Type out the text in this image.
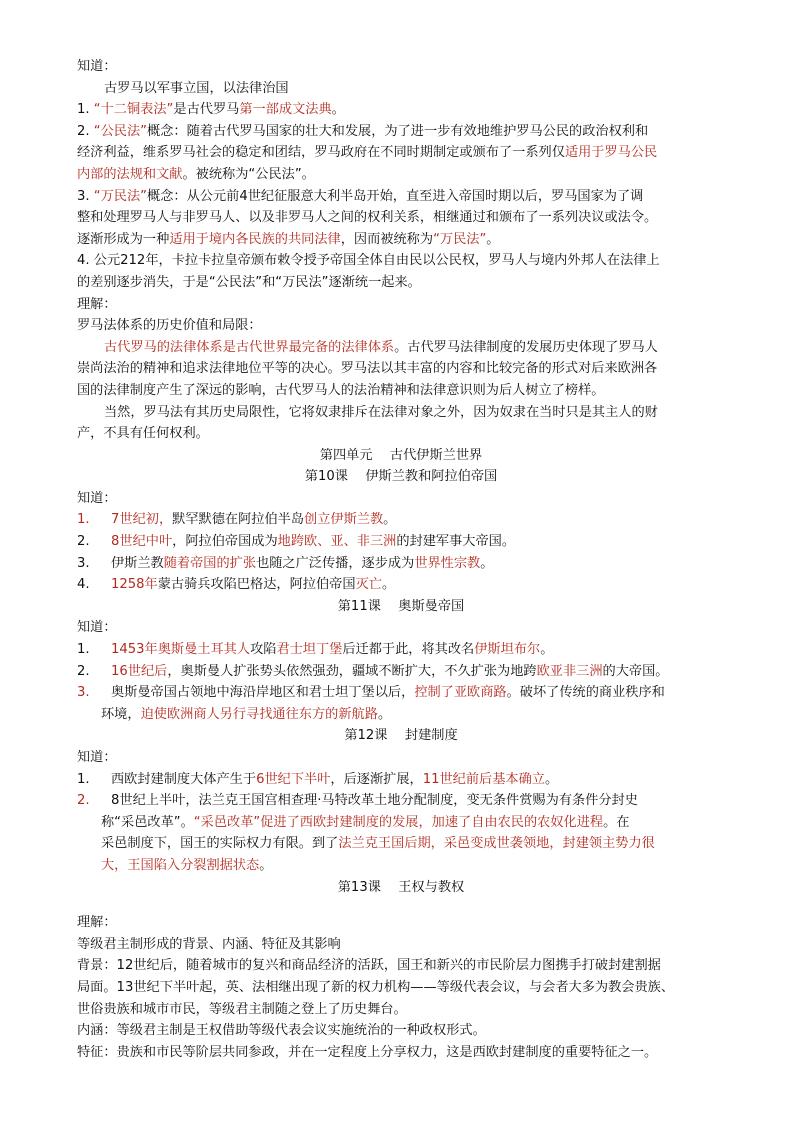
知道：
古罗马以军事立国，以法律治国
1. “十二铜表法”是古代罗马第一部成文法典。
2. “公民法”概念：随着古代罗马国家的壮大和发展，为了进一步有效地维护罗马公民的政治权利和
经济利益，维系罗马社会的稳定和团结，罗马政府在不同时期制定或颁布了一系列仅适用于罗马公民
内部的法规和文献。被统称为“公民法”。
3. “万民法”概念：从公元前4世纪征服意大利半岛开始，直至进入帝国时期以后，罗马国家为了调
整和处理罗马人与非罗马人、以及非罗马人之间的权利关系，相继通过和颁布了一系列决议或法令。
逐渐形成为一种适用于境内各民族的共同法律，因而被统称为“万民法”。
4. 公元212年，卡拉卡拉皇帝颁布敕令授予帝国全体自由民以公民权，罗马人与境内外邦人在法律上
的差别逐步消失，于是“公民法”和“万民法”逐渐统一起来。
理解：
罗马法体系的历史价值和局限：
古代罗马的法律体系是古代世界最完备的法律体系。古代罗马法律制度的发展历史体现了罗马人
崇尚法治的精神和追求法律地位平等的决心。罗马法以其丰富的内容和比较完备的形式对后来欧洲各
国的法律制度产生了深远的影响，古代罗马人的法治精神和法律意识则为后人树立了榜样。
当然，罗马法有其历史局限性，它将奴隶排斥在法律对象之外，因为奴隶在当时只是其主人的财
产，不具有任何权利。
第四单元　 古代伊斯兰世界
第10课　 伊斯兰教和阿拉伯帝国
知道：
1.	7世纪初，默罕默德在阿拉伯半岛创立伊斯兰教。
2.	8世纪中叶，阿拉伯帝国成为地跨欧、亚、非三洲的封建军事大帝国。
3.	伊斯兰教随着帝国的扩张也随之广泛传播，逐步成为世界性宗教。
4.	1258年蒙古骑兵攻陷巴格达，阿拉伯帝国灭亡。
第11课　 奥斯曼帝国
知道：
1.	1453年奥斯曼土耳其人攻陷君士坦丁堡后迁都于此，将其改名伊斯坦布尔。
2.	16世纪后，奥斯曼人扩张势头依然强劲，疆域不断扩大，不久扩张为地跨欧亚非三洲的大帝国。
3.	奥斯曼帝国占领地中海沿岸地区和君士坦丁堡以后，控制了亚欧商路。破坏了传统的商业秩序和
环境，迫使欧洲商人另行寻找通往东方的新航路。
第12课　 封建制度
知道：
1.	西欧封建制度大体产生于6世纪下半叶，后逐渐扩展，11世纪前后基本确立。
2.	8世纪上半叶，法兰克王国宫相查理·马特改革土地分配制度，变无条件赏赐为有条件分封史
称“采邑改革”。“采邑改革”促进了西欧封建制度的发展，加速了自由农民的农奴化进程。在
采邑制度下，国王的实际权力有限。到了法兰克王国后期，采邑变成世袭领地，封建领主势力很
大，王国陷入分裂割据状态。
第13课　 王权与教权
理解：
等级君主制形成的背景、内涵、特征及其影响
背景：12世纪后，随着城市的复兴和商品经济的活跃，国王和新兴的市民阶层力图携手打破封建割据
局面。13世纪下半叶起，英、法相继出现了新的权力机构——等级代表会议，与会者大多为教会贵族、
世俗贵族和城市市民，等级君主制随之登上了历史舞台。
内涵：等级君主制是王权借助等级代表会议实施统治的一种政权形式。
特征：贵族和市民等阶层共同参政，并在一定程度上分享权力，这是西欧封建制度的重要特征之一。
